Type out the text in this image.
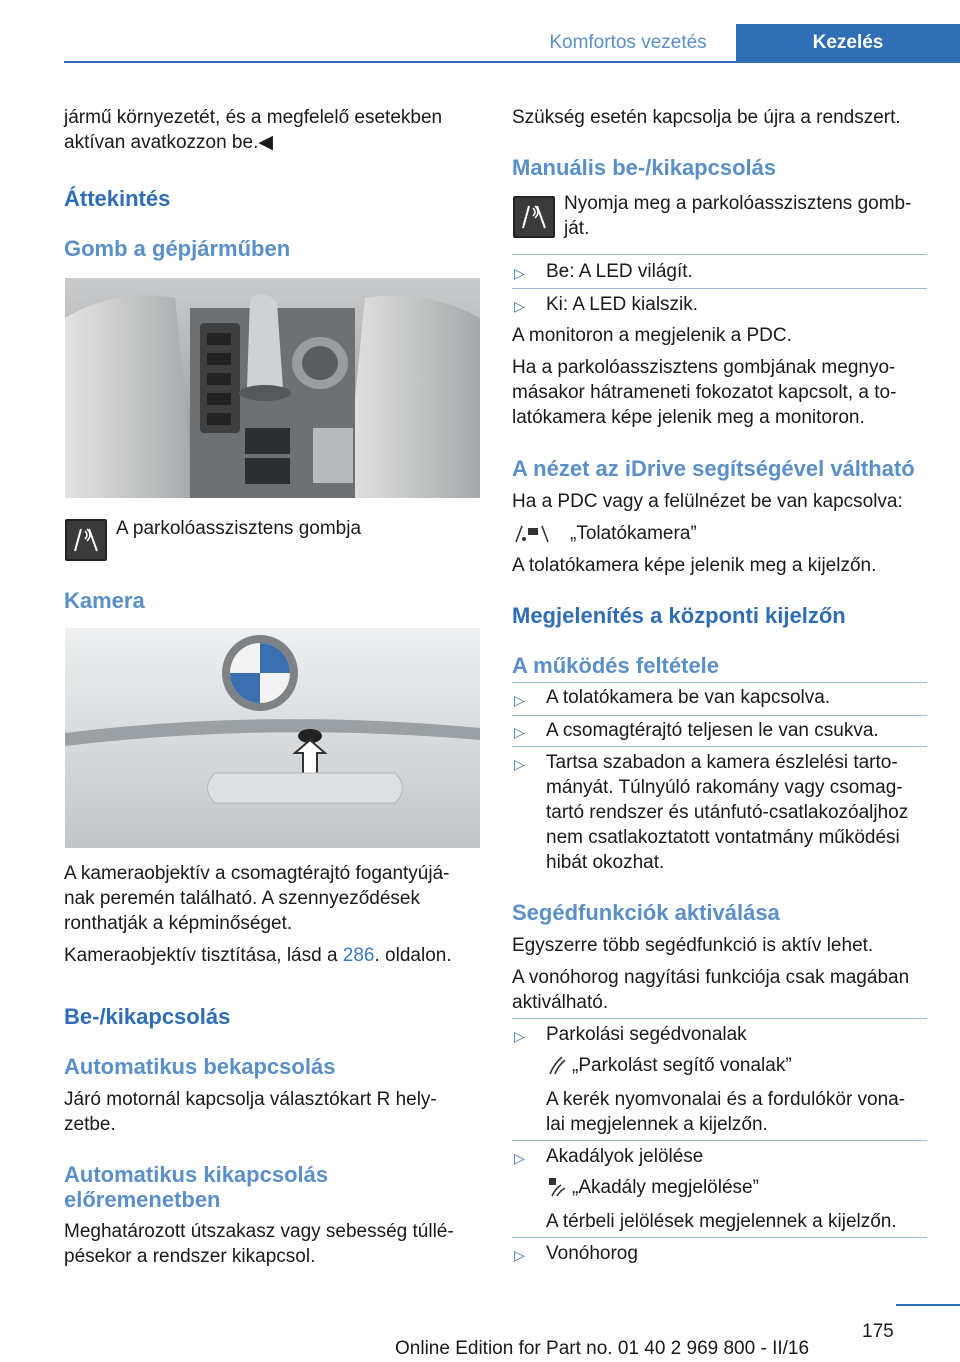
Komfortos vezetés	Kezelés
jármű környezetét, és a megfelelő esetekben
aktívan avatkozzon be.◀
Áttekintés
Gomb a gépjárműben
A parkolóasszisztens gombja
Kamera
A kameraobjektív a csomagtérajtó fogantyújá-
nak peremén található. A szennyeződések
ronthatják a képminőséget.
Kameraobjektív tisztítása, lásd a 286. oldalon.
Be-/kikapcsolás
Automatikus bekapcsolás
Járó motornál kapcsolja választókart R hely-
zetbe.
Automatikus kikapcsolás
előremenetben
Meghatározott útszakasz vagy sebesség túllé-
pésekor a rendszer kikapcsol.
Szükség esetén kapcsolja be újra a rendszert.
Manuális be-/kikapcsolás
Nyomja meg a parkolóasszisztens gomb-
ját.
▷ Be: A LED világít.
▷ Ki: A LED kialszik.
A monitoron a megjelenik a PDC.
Ha a parkolóasszisztens gombjának megnyo-
másakor hátrameneti fokozatot kapcsolt, a to-
latókamera képe jelenik meg a monitoron.
A nézet az iDrive segítségével váltható
Ha a PDC vagy a felülnézet be van kapcsolva:
„Tolatókamera”
A tolatókamera képe jelenik meg a kijelzőn.
Megjelenítés a központi kijelzőn
A működés feltétele
▷ A tolatókamera be van kapcsolva.
▷ A csomagtérajtó teljesen le van csukva.
▷ Tartsa szabadon a kamera észlelési tarto-
mányát. Túlnyúló rakomány vagy csomag-
tartó rendszer és utánfutó-csatlakozóaljhoz
nem csatlakoztatott vontatmány működési
hibát okozhat.
Segédfunkciók aktiválása
Egyszerre több segédfunkció is aktív lehet.
A vonóhorog nagyítási funkciója csak magában
aktiválható.
▷ Parkolási segédvonalak
„Parkolást segítő vonalak”
A kerék nyomvonalai és a fordulókör vona-
lai megjelennek a kijelzőn.
▷ Akadályok jelölése
„Akadály megjelölése”
A térbeli jelölések megjelennek a kijelzőn.
▷ Vonóhorog
175
Online Edition for Part no. 01 40 2 969 800 - II/16
